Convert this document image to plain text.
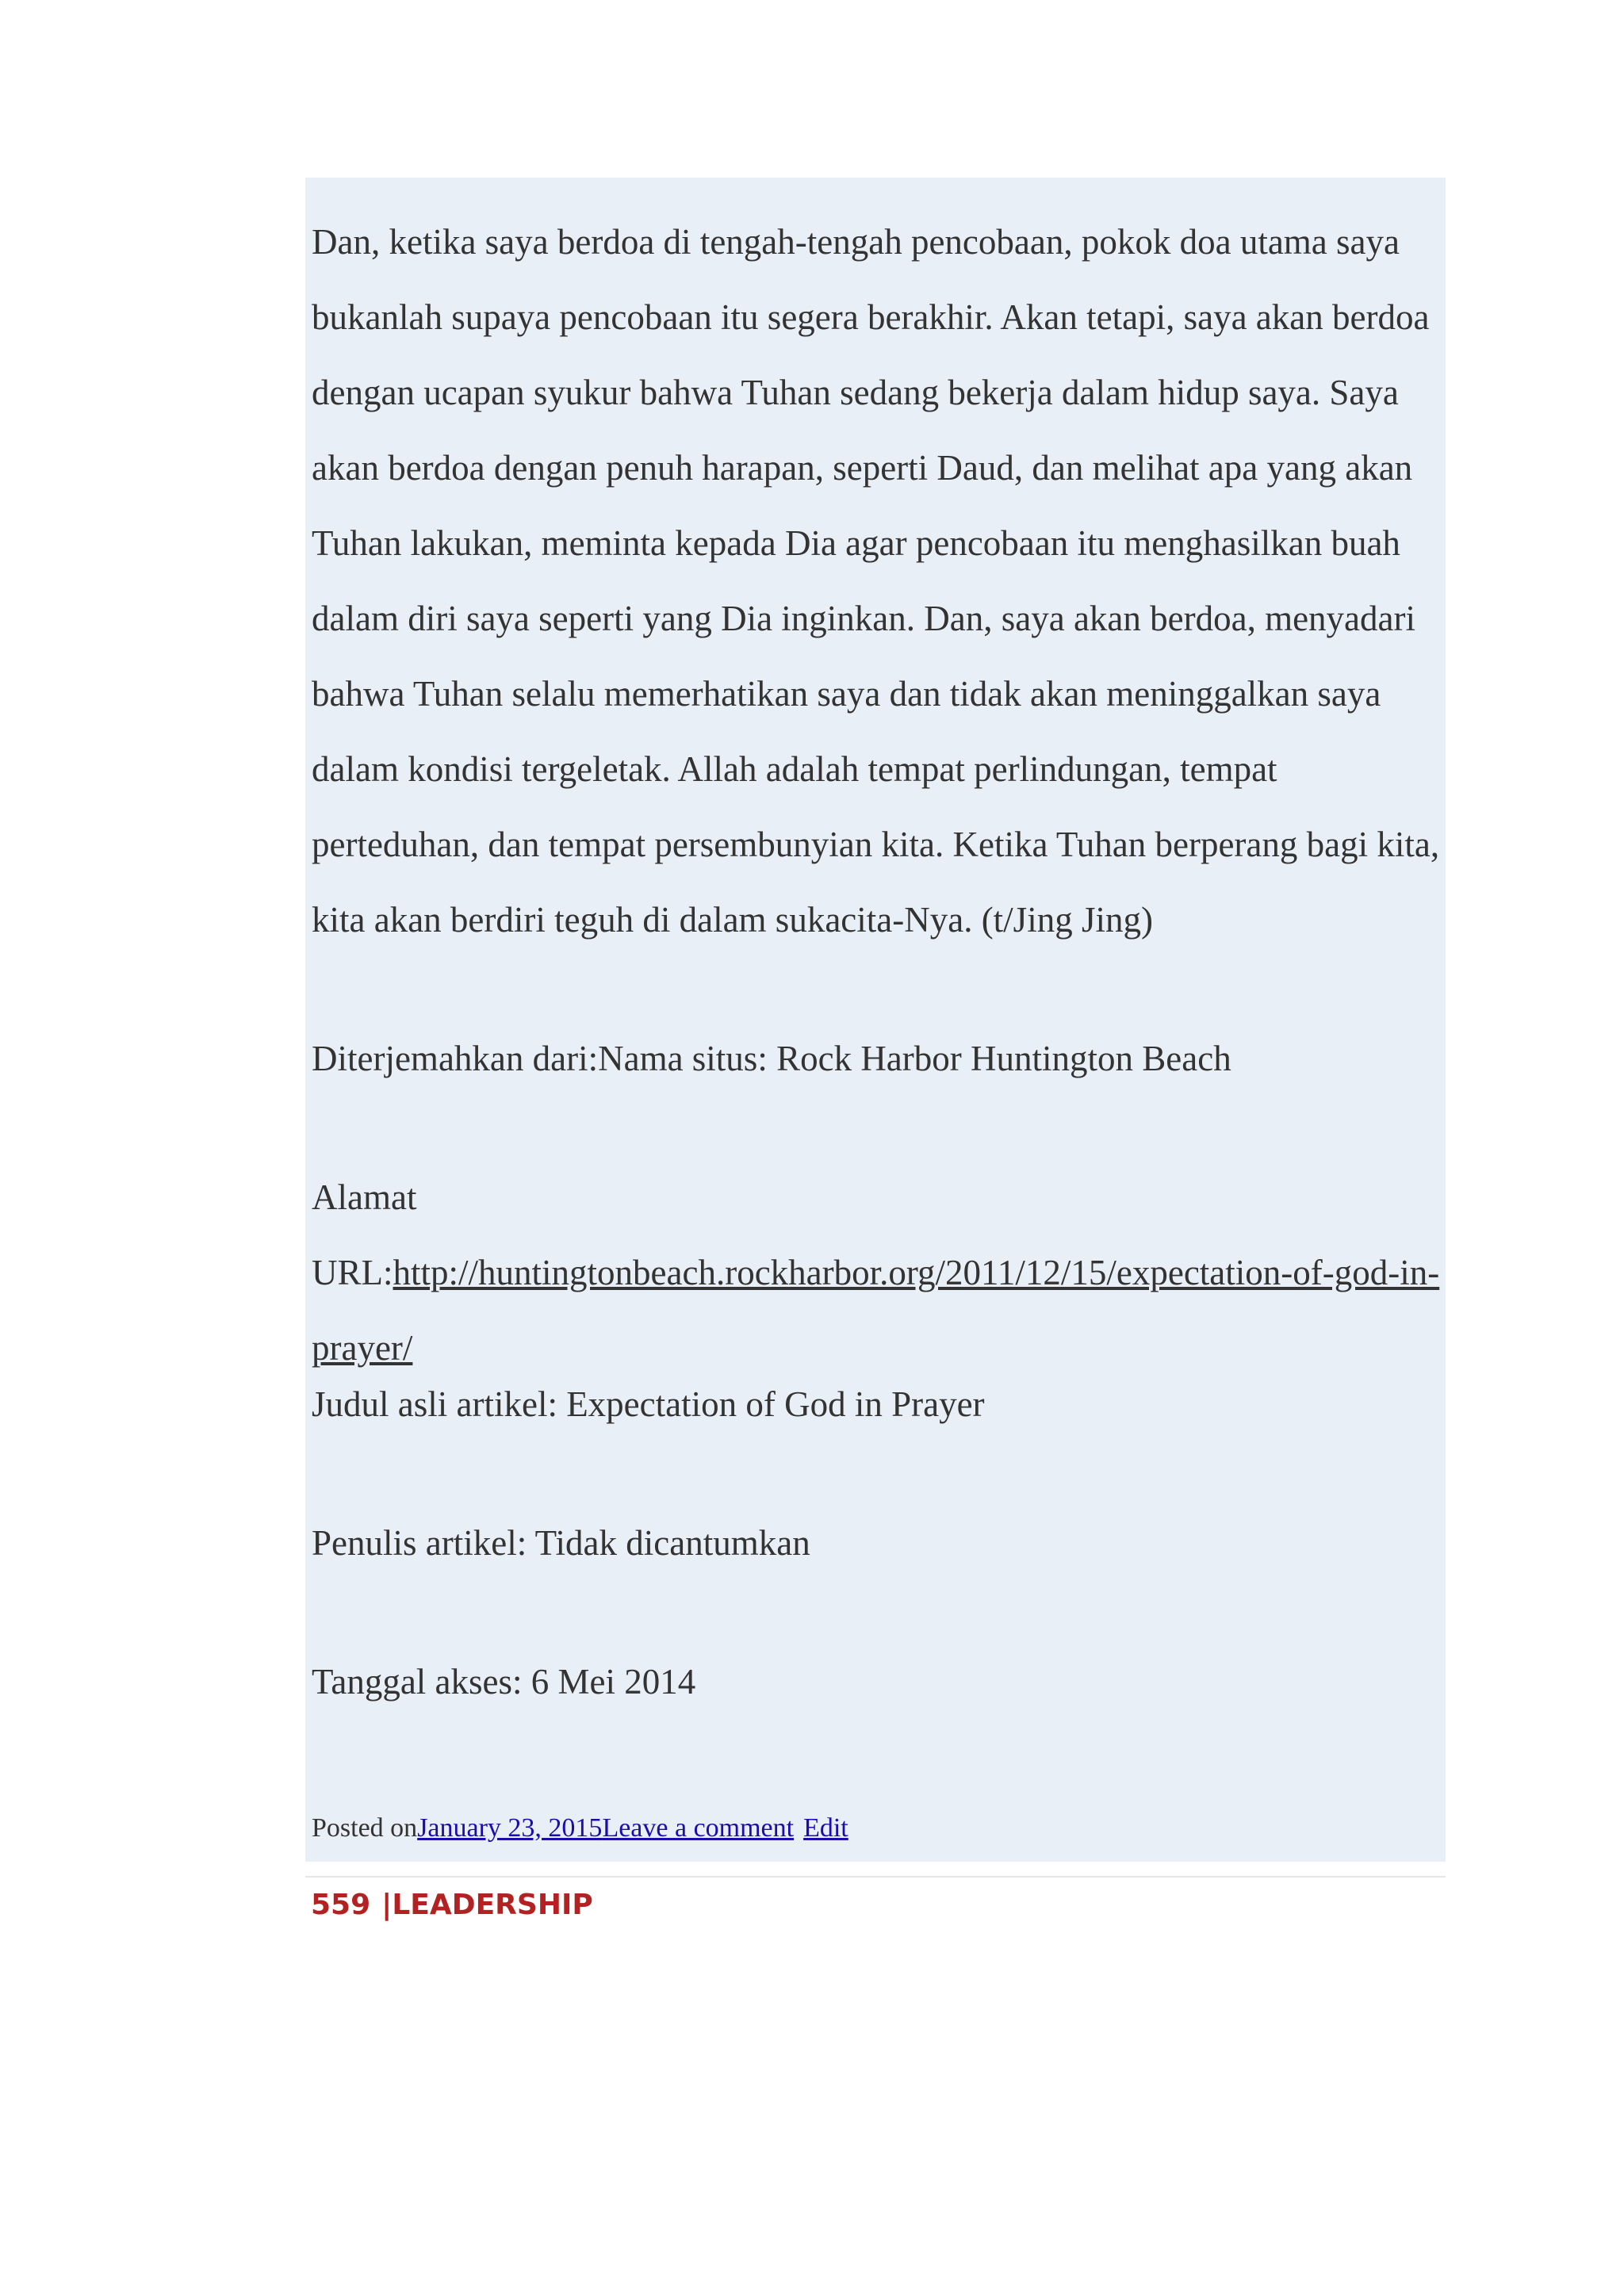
Dan, ketika saya berdoa di tengah-tengah pencobaan, pokok doa utama saya bukanlah supaya pencobaan itu segera berakhir. Akan tetapi, saya akan berdoa dengan ucapan syukur bahwa Tuhan sedang bekerja dalam hidup saya. Saya akan berdoa dengan penuh harapan, seperti Daud, dan melihat apa yang akan Tuhan lakukan, meminta kepada Dia agar pencobaan itu menghasilkan buah dalam diri saya seperti yang Dia inginkan. Dan, saya akan berdoa, menyadari bahwa Tuhan selalu memerhatikan saya dan tidak akan meninggalkan saya dalam kondisi tergeletak. Allah adalah tempat perlindungan, tempat perteduhan, dan tempat persembunyian kita. Ketika Tuhan berperang bagi kita, kita akan berdiri teguh di dalam sukacita-Nya. (t/Jing Jing)

Diterjemahkan dari:Nama situs: Rock Harbor Huntington Beach

Alamat

URL:http://huntingtonbeach.rockharbor.org/2011/12/15/expectation-of-god-in-prayer/

Judul asli artikel: Expectation of God in Prayer

Penulis artikel: Tidak dicantumkan

Tanggal akses: 6 Mei 2014

Posted onJanuary 23, 2015Leave a comment Edit
559 |LEADERSHIP
